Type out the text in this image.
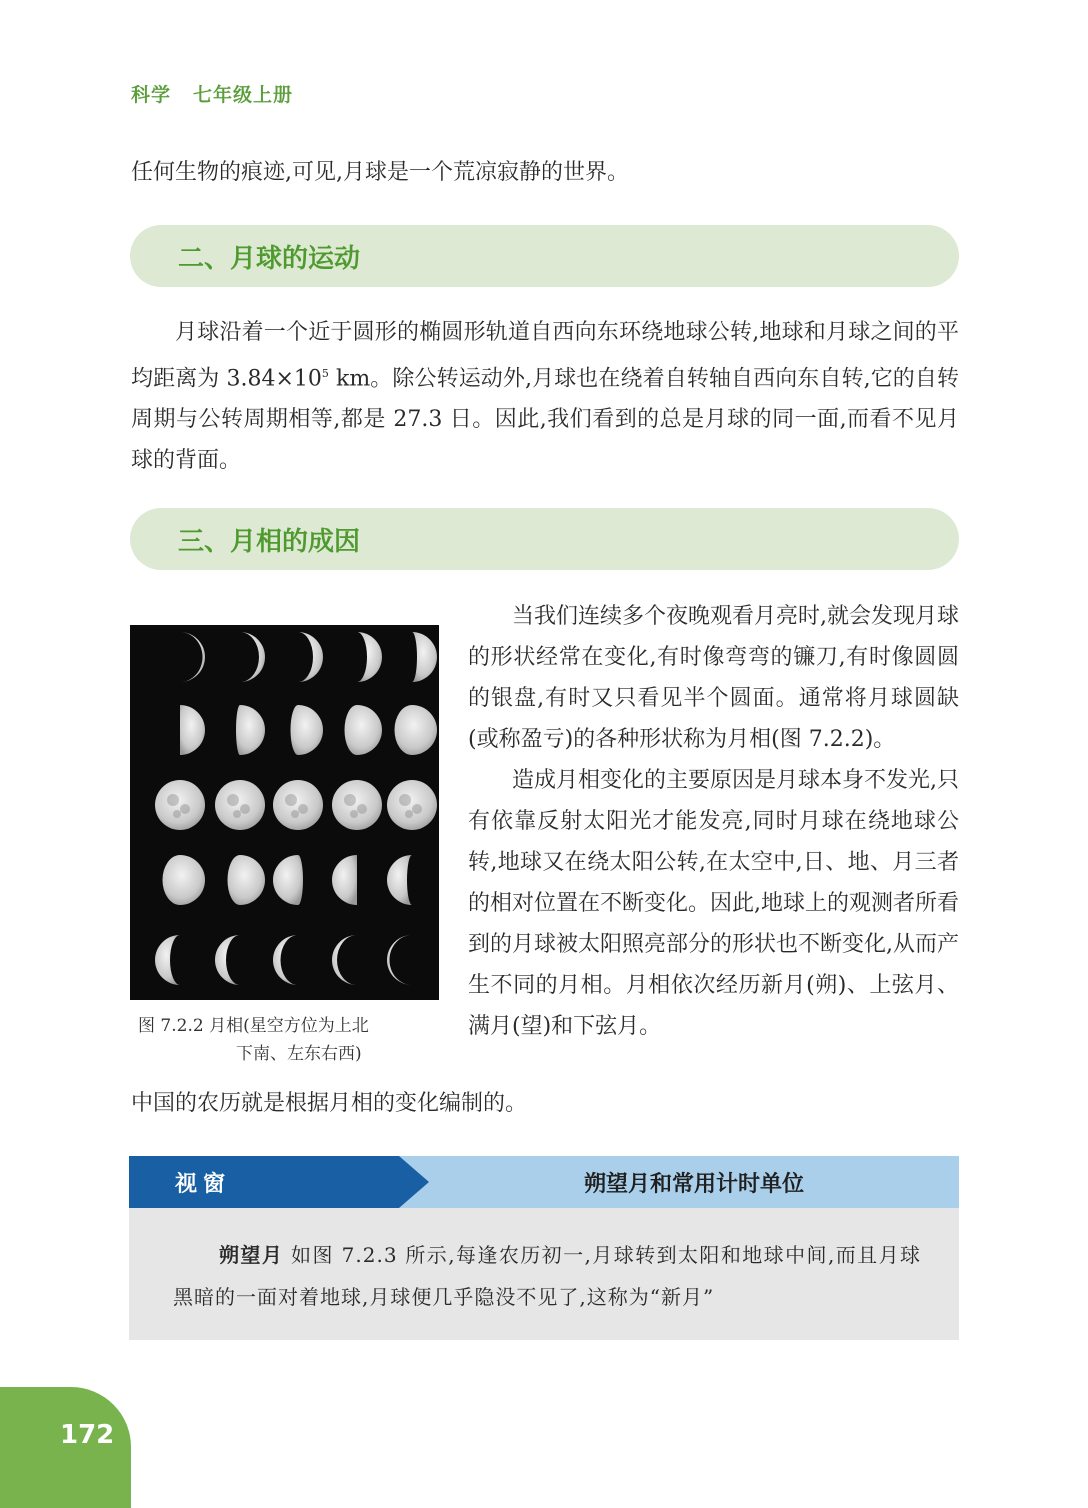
科学 七年级上册
任何生物的痕迹,可见,月球是一个荒凉寂静的世界。
二、月球的运动
月球沿着一个近于圆形的椭圆形轨道自西向东环绕地球公转,地球和月球之间的平均距离为 $3.84\times 10^5$ km。除公转运动外,月球也在绕着自转轴自西向东自转,它的自转周期与公转周期相等,都是 27.3 日。因此,我们看到的总是月球的同一面,而看不见月球的背面。
三、月相的成因
图 7.2.2 月相(星空方位为上北
下南、左东右西)
当我们连续多个夜晚观看月亮时,就会发现月球的形状经常在变化,有时像弯弯的镰刀,有时像圆圆的银盘,有时又只看见半个圆面。通常将月球圆缺(或称盈亏)的各种形状称为月相(图 7.2.2)。
造成月相变化的主要原因是月球本身不发光,只有依靠反射太阳光才能发亮,同时月球在绕地球公转,地球又在绕太阳公转,在太空中,日、地、月三者的相对位置在不断变化。因此,地球上的观测者所看到的月球被太阳照亮部分的形状也不断变化,从而产生不同的月相。月相依次经历新月(朔)、上弦月、满月(望)和下弦月。
中国的农历就是根据月相的变化编制的。
视窗	朔望月和常用计时单位
朔望月 如图 7.2.3 所示,每逢农历初一,月球转到太阳和地球中间,而且月球黑暗的一面对着地球,月球便几乎隐没不见了,这称为“新月”
172
